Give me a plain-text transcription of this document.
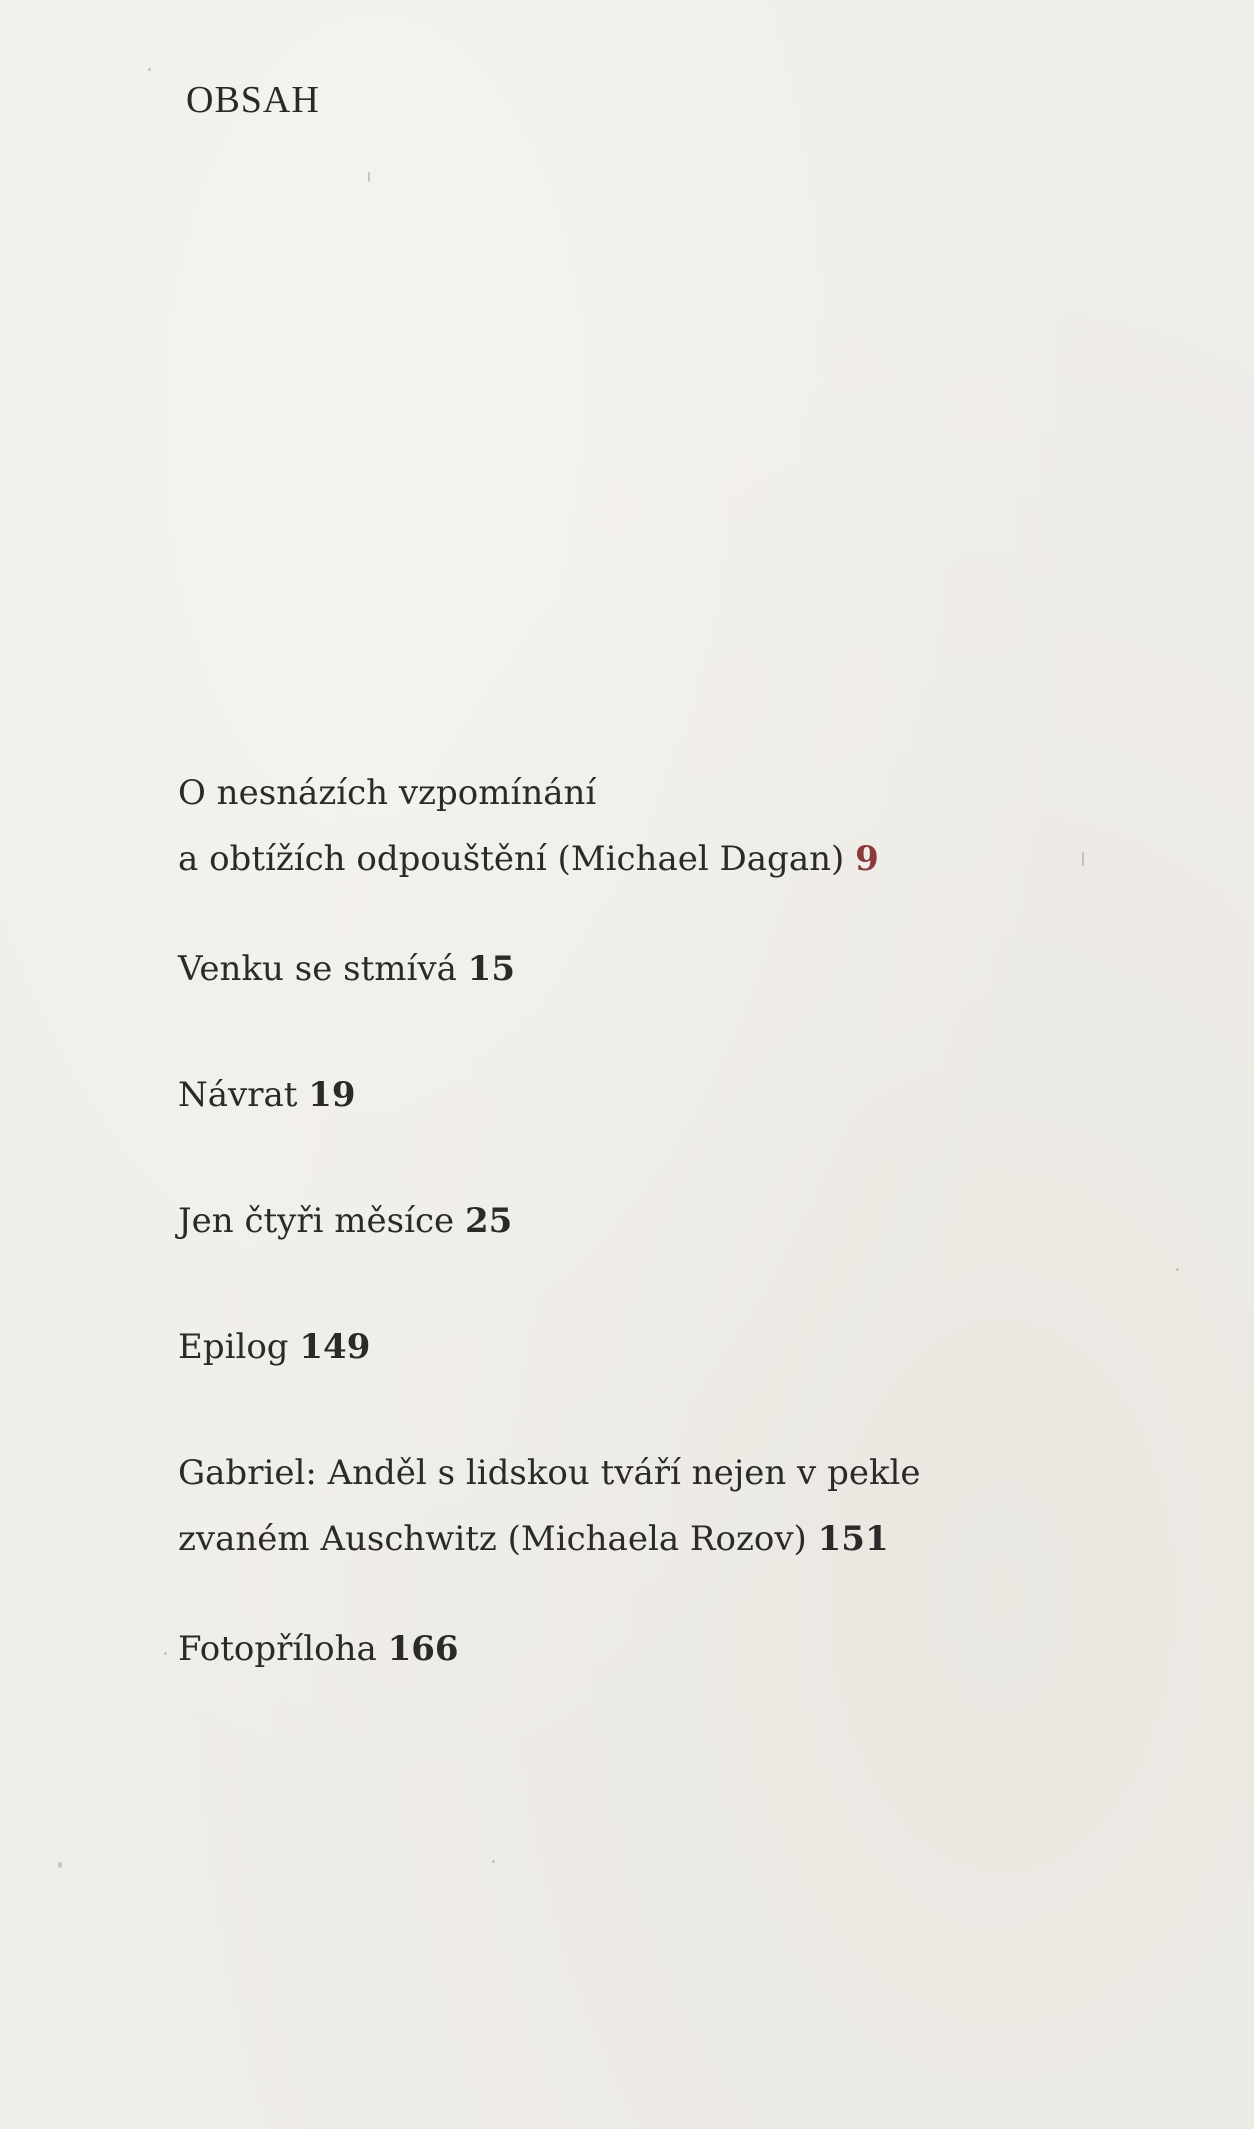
OBSAH
O nesnázích vzpomínání
a obtížích odpouštění (Michael Dagan) 9
Venku se stmívá 15
Návrat 19
Jen čtyři měsíce 25
Epilog 149
Gabriel: Anděl s lidskou tváří nejen v pekle
zvaném Auschwitz (Michaela Rozov) 151
Fotopříloha 166
